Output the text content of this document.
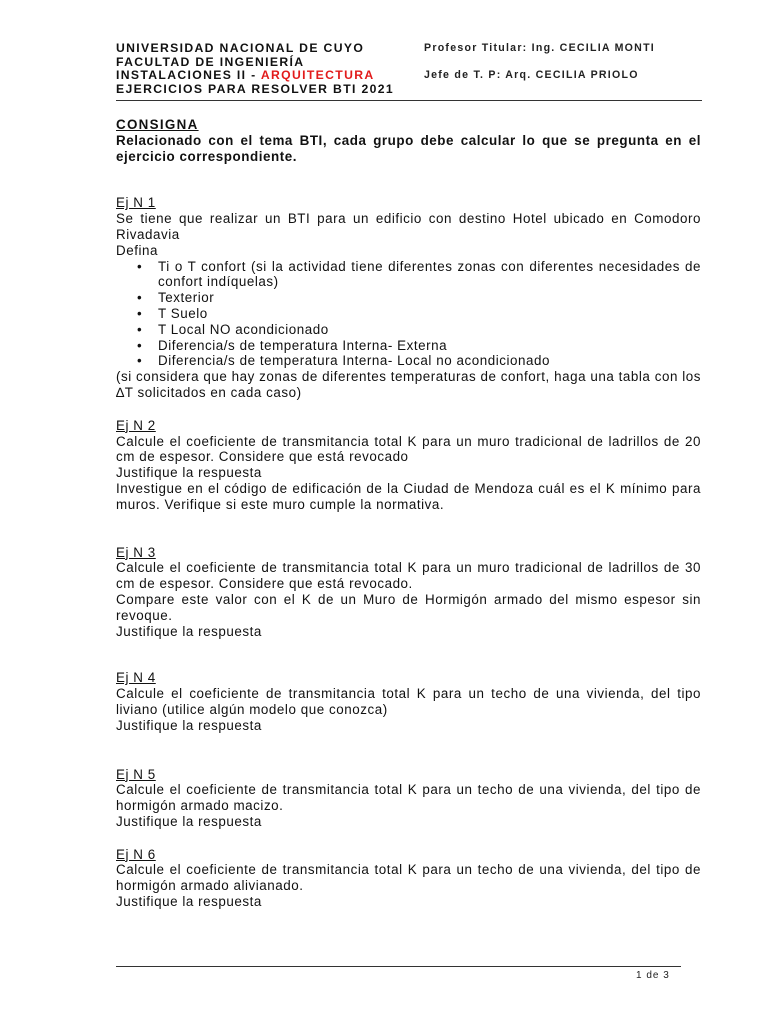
UNIVERSIDAD NACIONAL DE CUYO
FACULTAD DE INGENIERÍA
INSTALACIONES II - ARQUITECTURA
EJERCICIOS PARA RESOLVER BTI 2021
Profesor Titular: Ing. CECILIA MONTI
Jefe de T. P: Arq. CECILIA PRIOLO

CONSIGNA

Relacionado con el tema BTI, cada grupo debe calcular lo que se pregunta en el ejercicio correspondiente.

Ej N 1

Se tiene que realizar un BTI para un edificio con destino Hotel ubicado en Comodoro Rivadavia

Defina

• Ti o T confort (si la actividad tiene diferentes zonas con diferentes necesidades de confort indíquelas)
• Texterior
• T Suelo
• T Local NO acondicionado
• Diferencia/s de temperatura Interna- Externa
• Diferencia/s de temperatura Interna- Local no acondicionado

(si considera que hay zonas de diferentes temperaturas de confort, haga una tabla con los ∆T solicitados en cada caso)

Ej N 2

Calcule el coeficiente de transmitancia total K para un muro tradicional de ladrillos de 20 cm de espesor. Considere que está revocado

Justifique la respuesta

Investigue en el código de edificación de la Ciudad de Mendoza cuál es el K mínimo para muros. Verifique si este muro cumple la normativa.

Ej N 3

Calcule el coeficiente de transmitancia total K para un muro tradicional de ladrillos de 30 cm de espesor. Considere que está revocado.

Compare este valor con el K de un Muro de Hormigón armado del mismo espesor sin revoque.

Justifique la respuesta

Ej N 4

Calcule el coeficiente de transmitancia total K para un techo de una vivienda, del tipo liviano (utilice algún modelo que conozca)

Justifique la respuesta

Ej N 5

Calcule el coeficiente de transmitancia total K para un techo de una vivienda, del tipo de hormigón armado macizo.

Justifique la respuesta

Ej N 6

Calcule el coeficiente de transmitancia total K para un techo de una vivienda, del tipo de hormigón armado alivianado.

Justifique la respuesta

1 de 3
